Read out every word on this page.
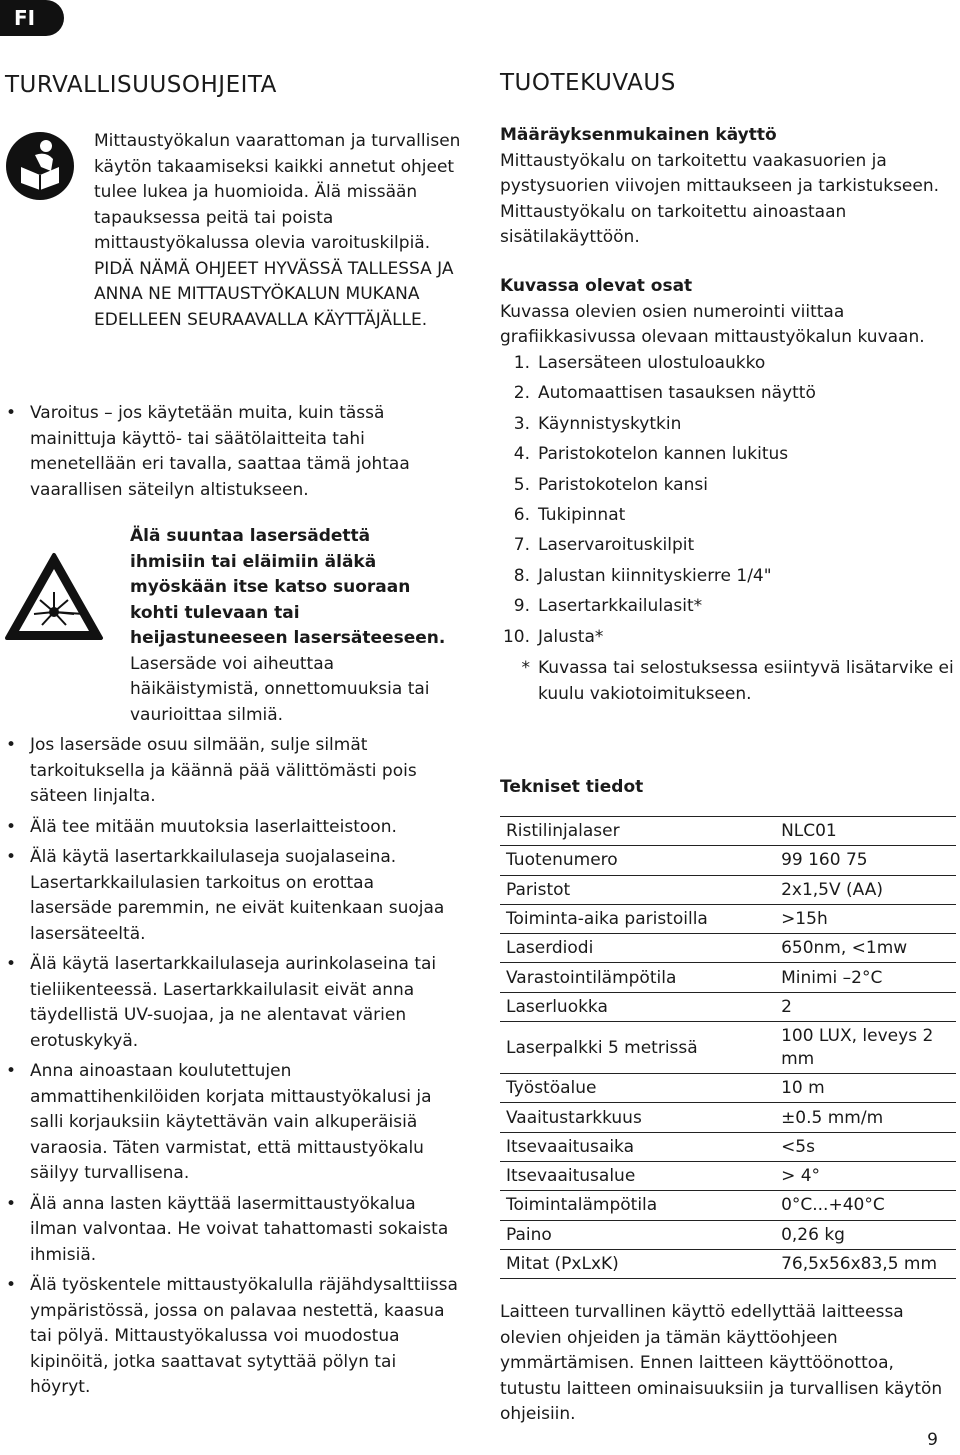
FI
TURVALLISUUSOHJEITA

Mittaustyökalun vaarattoman ja turvallisen käytön takaamiseksi kaikki annetut ohjeet tulee lukea ja huomioida. Älä missään tapauksessa peitä tai poista mittaustyökalussa olevia varoituskilpiä.

PIDÄ NÄMÄ OHJEET HYVÄSSÄ TALLESSA JA ANNA NE MITTAUSTYÖKALUN MUKANA EDELLEEN SEURAAVALLA KÄYTTÄJÄLLE.

• Varoitus – jos käytetään muita, kuin tässä mainittuja käyttö- tai säätölaitteita tahi menetellään eri tavalla, saattaa tämä johtaa vaarallisen säteilyn altistukseen.

Älä suuntaa lasersädettä ihmisiin tai eläimiin äläkä myöskään itse katso suoraan kohti tulevaan tai heijastuneeseen lasersäteeseen.

Lasersäde voi aiheuttaa häikäistymistä, onnettomuuksia tai vaurioittaa silmiä.

• Jos lasersäde osuu silmään, sulje silmät tarkoituksella ja käännä pää välittömästi pois säteen linjalta.
• Älä tee mitään muutoksia laserlaitteistoon.
• Älä käytä lasertarkkailulaseja suojalaseina. Lasertarkkailulasien tarkoitus on erottaa lasersäde paremmin, ne eivät kuitenkaan suojaa lasersäteeltä.
• Älä käytä lasertarkkailulaseja aurinkolaseina tai tieliikenteessä. Lasertarkkailulasit eivät anna täydellistä UV-suojaa, ja ne alentavat värien erotuskykyä.
• Anna ainoastaan koulutettujen ammattihenkilöiden korjata mittaustyökalusi ja salli korjauksiin käytettävän vain alkuperäisiä varaosia. Täten varmistat, että mittaustyökalu säilyy turvallisena.
• Älä anna lasten käyttää lasermittaustyökalua ilman valvontaa. He voivat tahattomasti sokaista ihmisiä.
• Älä työskentele mittaustyökalulla räjähdysalttiissa ympäristössä, jossa on palavaa nestettä, kaasua tai pölyä. Mittaustyökalussa voi muodostua kipinöitä, jotka saattavat sytyttää pölyn tai höyryt.
TUOTEKUVAUS

Määräyksenmukainen käyttö

Mittaustyökalu on tarkoitettu vaakasuorien ja pystysuorien viivojen mittaukseen ja tarkistukseen. Mittaustyökalu on tarkoitettu ainoastaan sisätilakäyttöön.

Kuvassa olevat osat

Kuvassa olevien osien numerointi viittaa grafiikkasivussa olevaan mittaustyökalun kuvaan.

1. Lasersäteen ulostuloaukko
2. Automaattisen tasauksen näyttö
3. Käynnistyskytkin
4. Paristokotelon kannen lukitus
5. Paristokotelon kansi
6. Tukipinnat
7. Laservaroituskilpit
8. Jalustan kiinnityskierre 1/4"
9. Lasertarkkailulasit*
10. Jalusta*
* Kuvassa tai selostuksessa esiintyvä lisätarvike ei kuulu vakiotoimitukseen.
Tekniset tiedot
Ristilinjalaser	NLC01
Tuotenumero	99 160 75
Paristot	2x1,5V (AA)
Toiminta-aika paristoilla	>15h
Laserdiodi	650nm, <1mw
Varastointilämpötila	Minimi –2°C
Laserluokka	2
Laserpalkki 5 metrissä	100 LUX, leveys 2 mm
Työstöalue	10 m
Vaaitustarkkuus	±0.5 mm/m
Itsevaaitusaika	<5s
Itsevaaitusalue	> 4°
Toimintalämpötila	0°C...+40°C
Paino	0,26 kg
Mitat (PxLxK)	76,5x56x83,5 mm
Laitteen turvallinen käyttö edellyttää laitteessa olevien ohjeiden ja tämän käyttöohjeen ymmärtämisen. Ennen laitteen käyttöönottoa, tutustu laitteen ominaisuuksiin ja turvallisen käytön ohjeisiin.
9
